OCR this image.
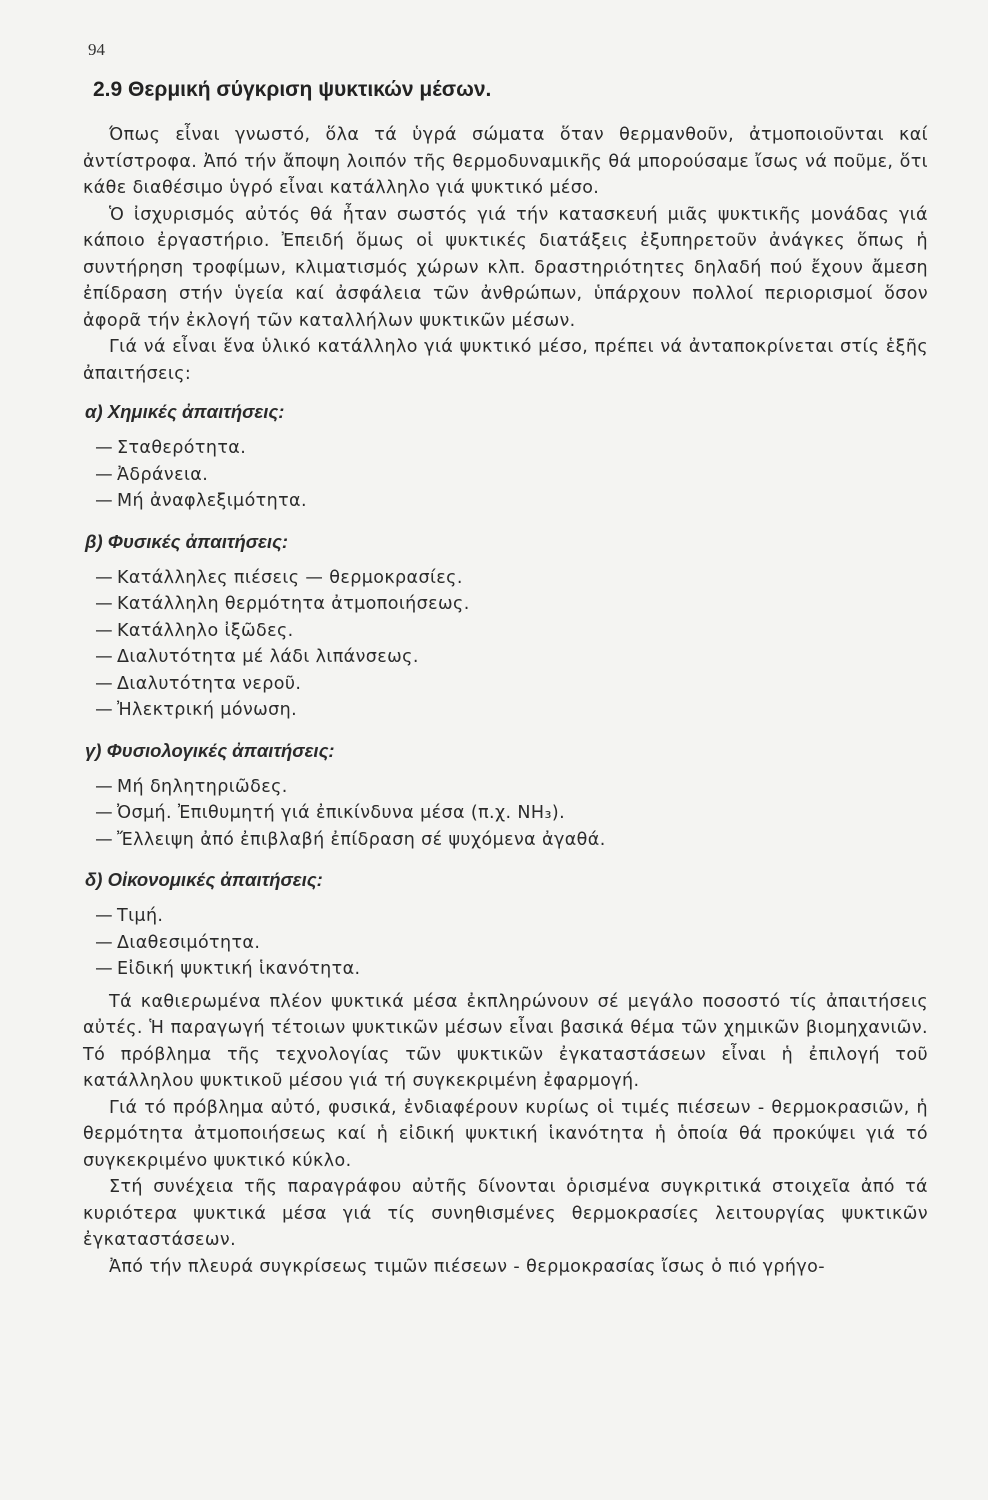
94
2.9 Θερμική σύγκριση ψυκτικών μέσων.

Όπως εἶναι γνωστό, ὅλα τά ὑγρά σώματα ὅταν θερμανθοῦν, ἀτμοποιοῦνται καί ἀντίστροφα. Ἀπό τήν ἄποψη λοιπόν τῆς θερμοδυναμικῆς θά μπορούσαμε ἴσως νά ποῦμε, ὅτι κάθε διαθέσιμο ὑγρό εἶναι κατάλληλο γιά ψυκτικό μέσο.

Ὁ ἰσχυρισμός αὐτός θά ἦταν σωστός γιά τήν κατασκευή μιᾶς ψυκτικῆς μονάδας γιά κάποιο ἐργαστήριο. Ἐπειδή ὅμως οἱ ψυκτικές διατάξεις ἐξυπηρετοῦν ἀνάγκες ὅπως ἡ συντήρηση τροφίμων, κλιματισμός χώρων κλπ. δραστηριότητες δηλαδή πού ἔχουν ἄμεση ἐπίδραση στήν ὑγεία καί ἀσφάλεια τῶν ἀνθρώπων, ὑπάρχουν πολλοί περιορισμοί ὅσον ἀφορᾶ τήν ἐκλογή τῶν καταλλήλων ψυκτικῶν μέσων.

Γιά νά εἶναι ἕνα ὑλικό κατάλληλο γιά ψυκτικό μέσο, πρέπει νά ἀνταποκρίνεται στίς ἑξῆς ἀπαιτήσεις:

α) Χημικές ἀπαιτήσεις:
— Σταθερότητα.
— Ἀδράνεια.
— Μή ἀναφλεξιμότητα.
β) Φυσικές ἀπαιτήσεις:
— Κατάλληλες πιέσεις — θερμοκρασίες.
— Κατάλληλη θερμότητα ἀτμοποιήσεως.
— Κατάλληλο ἰξῶδες.
— Διαλυτότητα μέ λάδι λιπάνσεως.
— Διαλυτότητα νεροῦ.
— Ἠλεκτρική μόνωση.
γ) Φυσιολογικές ἀπαιτήσεις:
— Μή δηλητηριῶδες.
— Ὀσμή. Ἐπιθυμητή γιά ἐπικίνδυνα μέσα (π.χ. NH₃).
— Ἔλλειψη ἀπό ἐπιβλαβή ἐπίδραση σέ ψυχόμενα ἀγαθά.
δ) Οἰκονομικές ἀπαιτήσεις:
— Τιμή.
— Διαθεσιμότητα.
— Εἰδική ψυκτική ἱκανότητα.

Τά καθιερωμένα πλέον ψυκτικά μέσα ἐκπληρώνουν σέ μεγάλο ποσοστό τίς ἀπαιτήσεις αὐτές. Ἡ παραγωγή τέτοιων ψυκτικῶν μέσων εἶναι βασικά θέμα τῶν χημικῶν βιομηχανιῶν. Τό πρόβλημα τῆς τεχνολογίας τῶν ψυκτικῶν ἐγκαταστάσεων εἶναι ἡ ἐπιλογή τοῦ κατάλληλου ψυκτικοῦ μέσου γιά τή συγκεκριμένη ἐφαρμογή.

Γιά τό πρόβλημα αὐτό, φυσικά, ἐνδιαφέρουν κυρίως οἱ τιμές πιέσεων - θερμοκρασιῶν, ἡ θερμότητα ἀτμοποιήσεως καί ἡ εἰδική ψυκτική ἱκανότητα ἡ ὁποία θά προκύψει γιά τό συγκεκριμένο ψυκτικό κύκλο.

Στή συνέχεια τῆς παραγράφου αὐτῆς δίνονται ὁρισμένα συγκριτικά στοιχεῖα ἀπό τά κυριότερα ψυκτικά μέσα γιά τίς συνηθισμένες θερμοκρασίες λειτουργίας ψυκτικῶν ἐγκαταστάσεων.

Ἀπό τήν πλευρά συγκρίσεως τιμῶν πιέσεων - θερμοκρασίας ἴσως ὁ πιό γρήγο-
